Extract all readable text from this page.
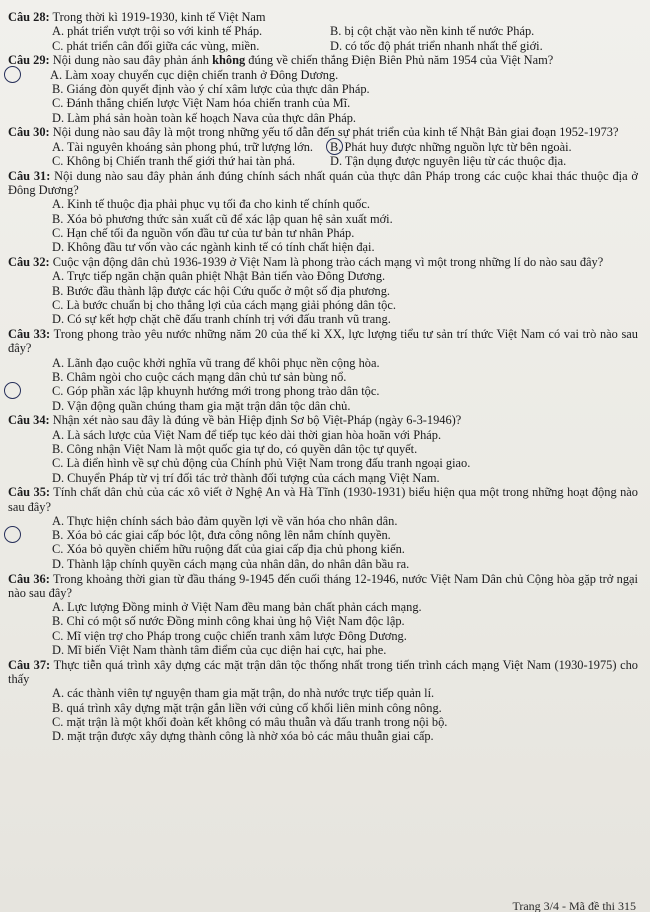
Câu 28: Trong thời kì 1919-1930, kinh tế Việt Nam
A. phát triển vượt trội so với kinh tế Pháp.	B. bị cột chặt vào nền kinh tế nước Pháp.
C. phát triển cân đối giữa các vùng, miền.	D. có tốc độ phát triển nhanh nhất thế giới.
Câu 29: Nội dung nào sau đây phản ánh không đúng về chiến thắng Điện Biên Phủ năm 1954 của Việt Nam?
A. Làm xoay chuyển cục diện chiến tranh ở Đông Dương.
B. Giáng đòn quyết định vào ý chí xâm lược của thực dân Pháp.
C. Đánh thắng chiến lược Việt Nam hóa chiến tranh của Mĩ.
D. Làm phá sản hoàn toàn kế hoạch Nava của thực dân Pháp.
Câu 30: Nội dung nào sau đây là một trong những yếu tố dẫn đến sự phát triển của kinh tế Nhật Bản giai đoạn 1952-1973?
A. Tài nguyên khoáng sản phong phú, trữ lượng lớn.	B. Phát huy được những nguồn lực từ bên ngoài.
C. Không bị Chiến tranh thế giới thứ hai tàn phá.	D. Tận dụng được nguyên liệu từ các thuộc địa.
Câu 31: Nội dung nào sau đây phản ánh đúng chính sách nhất quán của thực dân Pháp trong các cuộc khai thác thuộc địa ở Đông Dương?
A. Kinh tế thuộc địa phải phục vụ tối đa cho kinh tế chính quốc.
B. Xóa bỏ phương thức sản xuất cũ để xác lập quan hệ sản xuất mới.
C. Hạn chế tối đa nguồn vốn đầu tư của tư bản tư nhân Pháp.
D. Không đầu tư vốn vào các ngành kinh tế có tính chất hiện đại.
Câu 32: Cuộc vận động dân chủ 1936-1939 ở Việt Nam là phong trào cách mạng vì một trong những lí do nào sau đây?
A. Trực tiếp ngăn chặn quân phiệt Nhật Bản tiến vào Đông Dương.
B. Bước đầu thành lập được các hội Cứu quốc ở một số địa phương.
C. Là bước chuẩn bị cho thắng lợi của cách mạng giải phóng dân tộc.
D. Có sự kết hợp chặt chẽ đấu tranh chính trị với đấu tranh vũ trang.
Câu 33: Trong phong trào yêu nước những năm 20 của thế kỉ XX, lực lượng tiểu tư sản trí thức Việt Nam có vai trò nào sau đây?
A. Lãnh đạo cuộc khởi nghĩa vũ trang để khôi phục nền cộng hòa.
B. Châm ngòi cho cuộc cách mạng dân chủ tư sản bùng nổ.
C. Góp phần xác lập khuynh hướng mới trong phong trào dân tộc.
D. Vận động quần chúng tham gia mặt trận dân tộc dân chủ.
Câu 34: Nhận xét nào sau đây là đúng về bản Hiệp định Sơ bộ Việt-Pháp (ngày 6-3-1946)?
A. Là sách lược của Việt Nam để tiếp tục kéo dài thời gian hòa hoãn với Pháp.
B. Công nhận Việt Nam là một quốc gia tự do, có quyền dân tộc tự quyết.
C. Là điển hình về sự chủ động của Chính phủ Việt Nam trong đấu tranh ngoại giao.
D. Chuyển Pháp từ vị trí đối tác trở thành đối tượng của cách mạng Việt Nam.
Câu 35: Tính chất dân chủ của các xô viết ở Nghệ An và Hà Tĩnh (1930-1931) biểu hiện qua một trong những hoạt động nào sau đây?
A. Thực hiện chính sách bảo đảm quyền lợi về văn hóa cho nhân dân.
B. Xóa bỏ các giai cấp bóc lột, đưa công nông lên nắm chính quyền.
C. Xóa bỏ quyền chiếm hữu ruộng đất của giai cấp địa chủ phong kiến.
D. Thành lập chính quyền cách mạng của nhân dân, do nhân dân bầu ra.
Câu 36: Trong khoảng thời gian từ đầu tháng 9-1945 đến cuối tháng 12-1946, nước Việt Nam Dân chủ Cộng hòa gặp trở ngại nào sau đây?
A. Lực lượng Đồng minh ở Việt Nam đều mang bản chất phản cách mạng.
B. Chỉ có một số nước Đồng minh công khai ủng hộ Việt Nam độc lập.
C. Mĩ viện trợ cho Pháp trong cuộc chiến tranh xâm lược Đông Dương.
D. Mĩ biến Việt Nam thành tâm điểm của cục diện hai cực, hai phe.
Câu 37: Thực tiễn quá trình xây dựng các mặt trận dân tộc thống nhất trong tiến trình cách mạng Việt Nam (1930-1975) cho thấy
A. các thành viên tự nguyện tham gia mặt trận, do nhà nước trực tiếp quản lí.
B. quá trình xây dựng mặt trận gắn liền với củng cố khối liên minh công nông.
C. mặt trận là một khối đoàn kết không có mâu thuẫn và đấu tranh trong nội bộ.
D. mặt trận được xây dựng thành công là nhờ xóa bỏ các mâu thuẫn giai cấp.
Trang 3/4 - Mã đề thi 315
